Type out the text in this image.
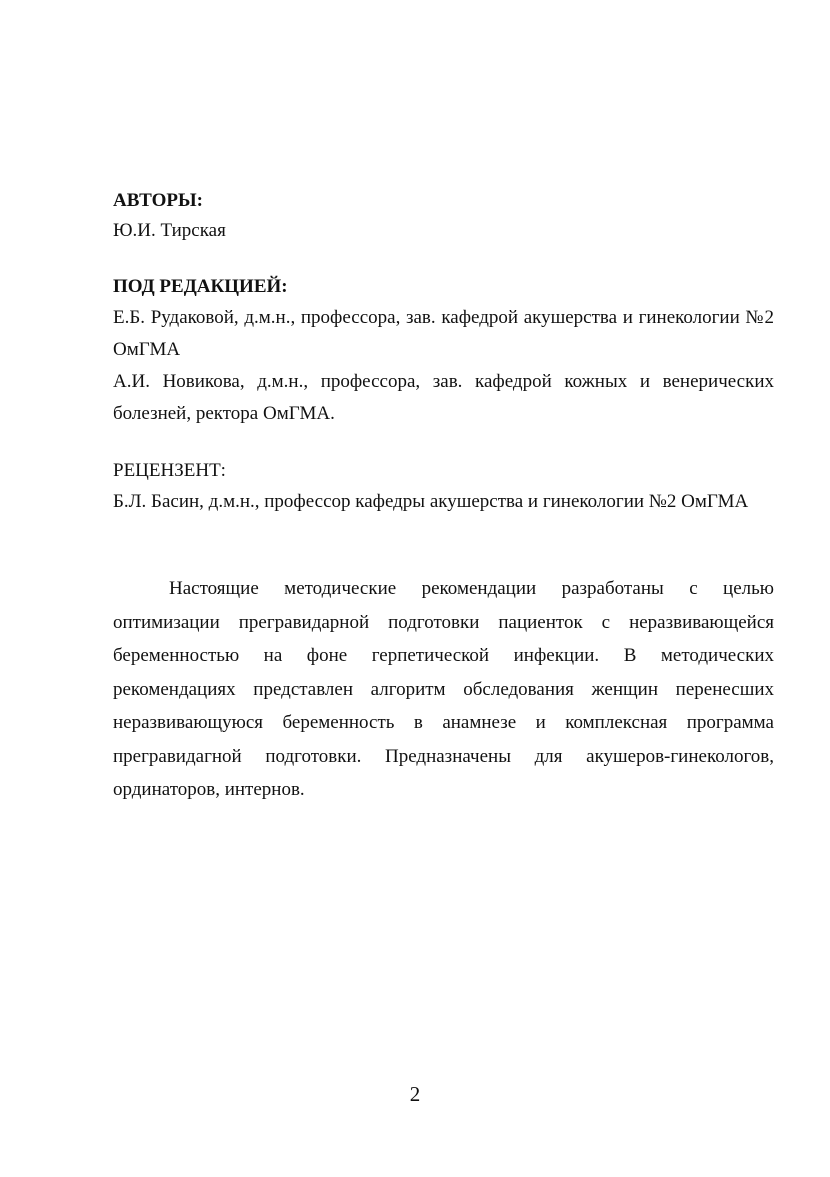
АВТОРЫ:

Ю.И. Тирская

ПОД РЕДАКЦИЕЙ:

Е.Б. Рудаковой, д.м.н., профессора, зав. кафедрой акушерства и гинекологии №2 ОмГМА

А.И. Новикова, д.м.н., профессора, зав. кафедрой кожных и венерических болезней, ректора ОмГМА.

РЕЦЕНЗЕНТ:

Б.Л. Басин, д.м.н., профессор кафедры акушерства и гинекологии №2 ОмГМА

Настоящие методические рекомендации разработаны с целью оптимизации прегравидарной подготовки пациенток с неразвивающейся беременностью на фоне герпетической инфекции. В методических рекомендациях представлен алгоритм обследования женщин перенесших неразвивающуюся беременность в анамнезе и комплексная программа прегравидагной подготовки. Предназначены для акушеров-гинекологов, ординаторов, интернов.

2
